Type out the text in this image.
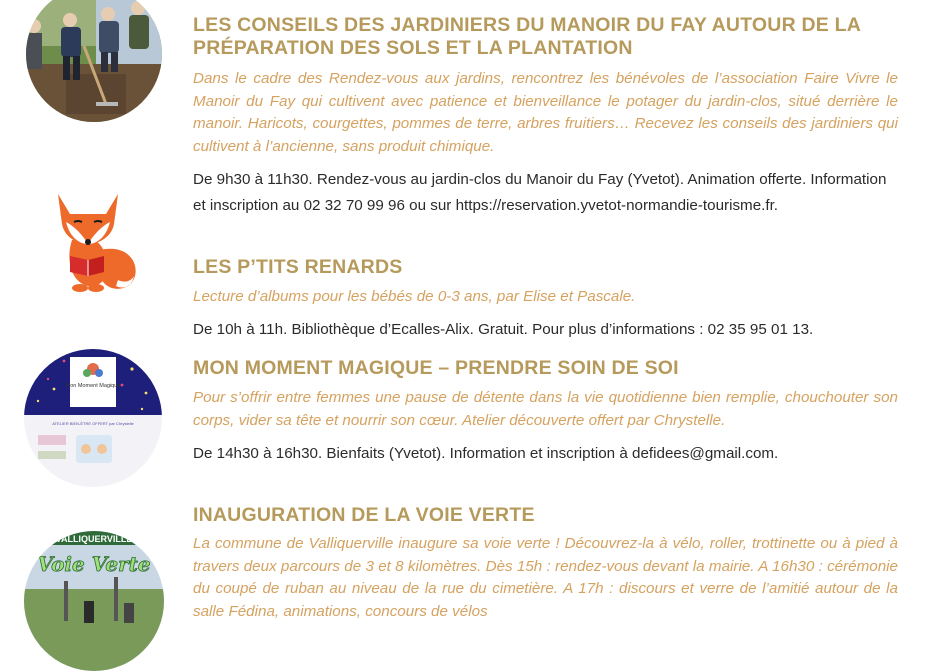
Mon Moment Magique
ATELIER BIEN-ÊTRE OFFERT par Chrystelle
VALLIQUERVILLE
Voie Verte
LES CONSEILS DES JARDINIERS DU MANOIR DU FAY AUTOUR DE LA PRÉPARATION DES SOLS ET LA PLANTATION

Dans le cadre des Rendez-vous aux jardins, rencontrez les bénévoles de l’association Faire Vivre le Manoir du Fay qui cultivent avec patience et bienveillance le potager du jardin-clos, situé derrière le manoir. Haricots, courgettes, pommes de terre, arbres fruitiers… Recevez les conseils des jardiniers qui cultivent à l’ancienne, sans produit chimique.

De 9h30 à 11h30. Rendez-vous au jardin-clos du Manoir du Fay (Yvetot). Animation offerte. Information et inscription au 02 32 70 99 96 ou sur https://reservation.yvetot-normandie-tourisme.fr.

LES P’TITS RENARDS

Lecture d’albums pour les bébés de 0-3 ans, par Elise et Pascale.

De 10h à 11h. Bibliothèque d’Ecalles-Alix. Gratuit. Pour plus d’informations : 02 35 95 01 13.

MON MOMENT MAGIQUE – PRENDRE SOIN DE SOI

Pour s’offrir entre femmes une pause de détente dans la vie quotidienne bien remplie, chouchouter son corps, vider sa tête et nourrir son cœur. Atelier découverte offert par Chrystelle.

De 14h30 à 16h30. Bienfaits (Yvetot). Information et inscription à defidees@gmail.com.

INAUGURATION DE LA VOIE VERTE

La commune de Valliquerville inaugure sa voie verte ! Découvrez-la à vélo, roller, trottinette ou à pied à travers deux parcours de 3 et 8 kilomètres. Dès 15h : rendez-vous devant la mairie. A 16h30 : cérémonie du coupé de ruban au niveau de la rue du cimetière. A 17h : discours et verre de l’amitié autour de la salle Fédina, animations, concours de vélos
